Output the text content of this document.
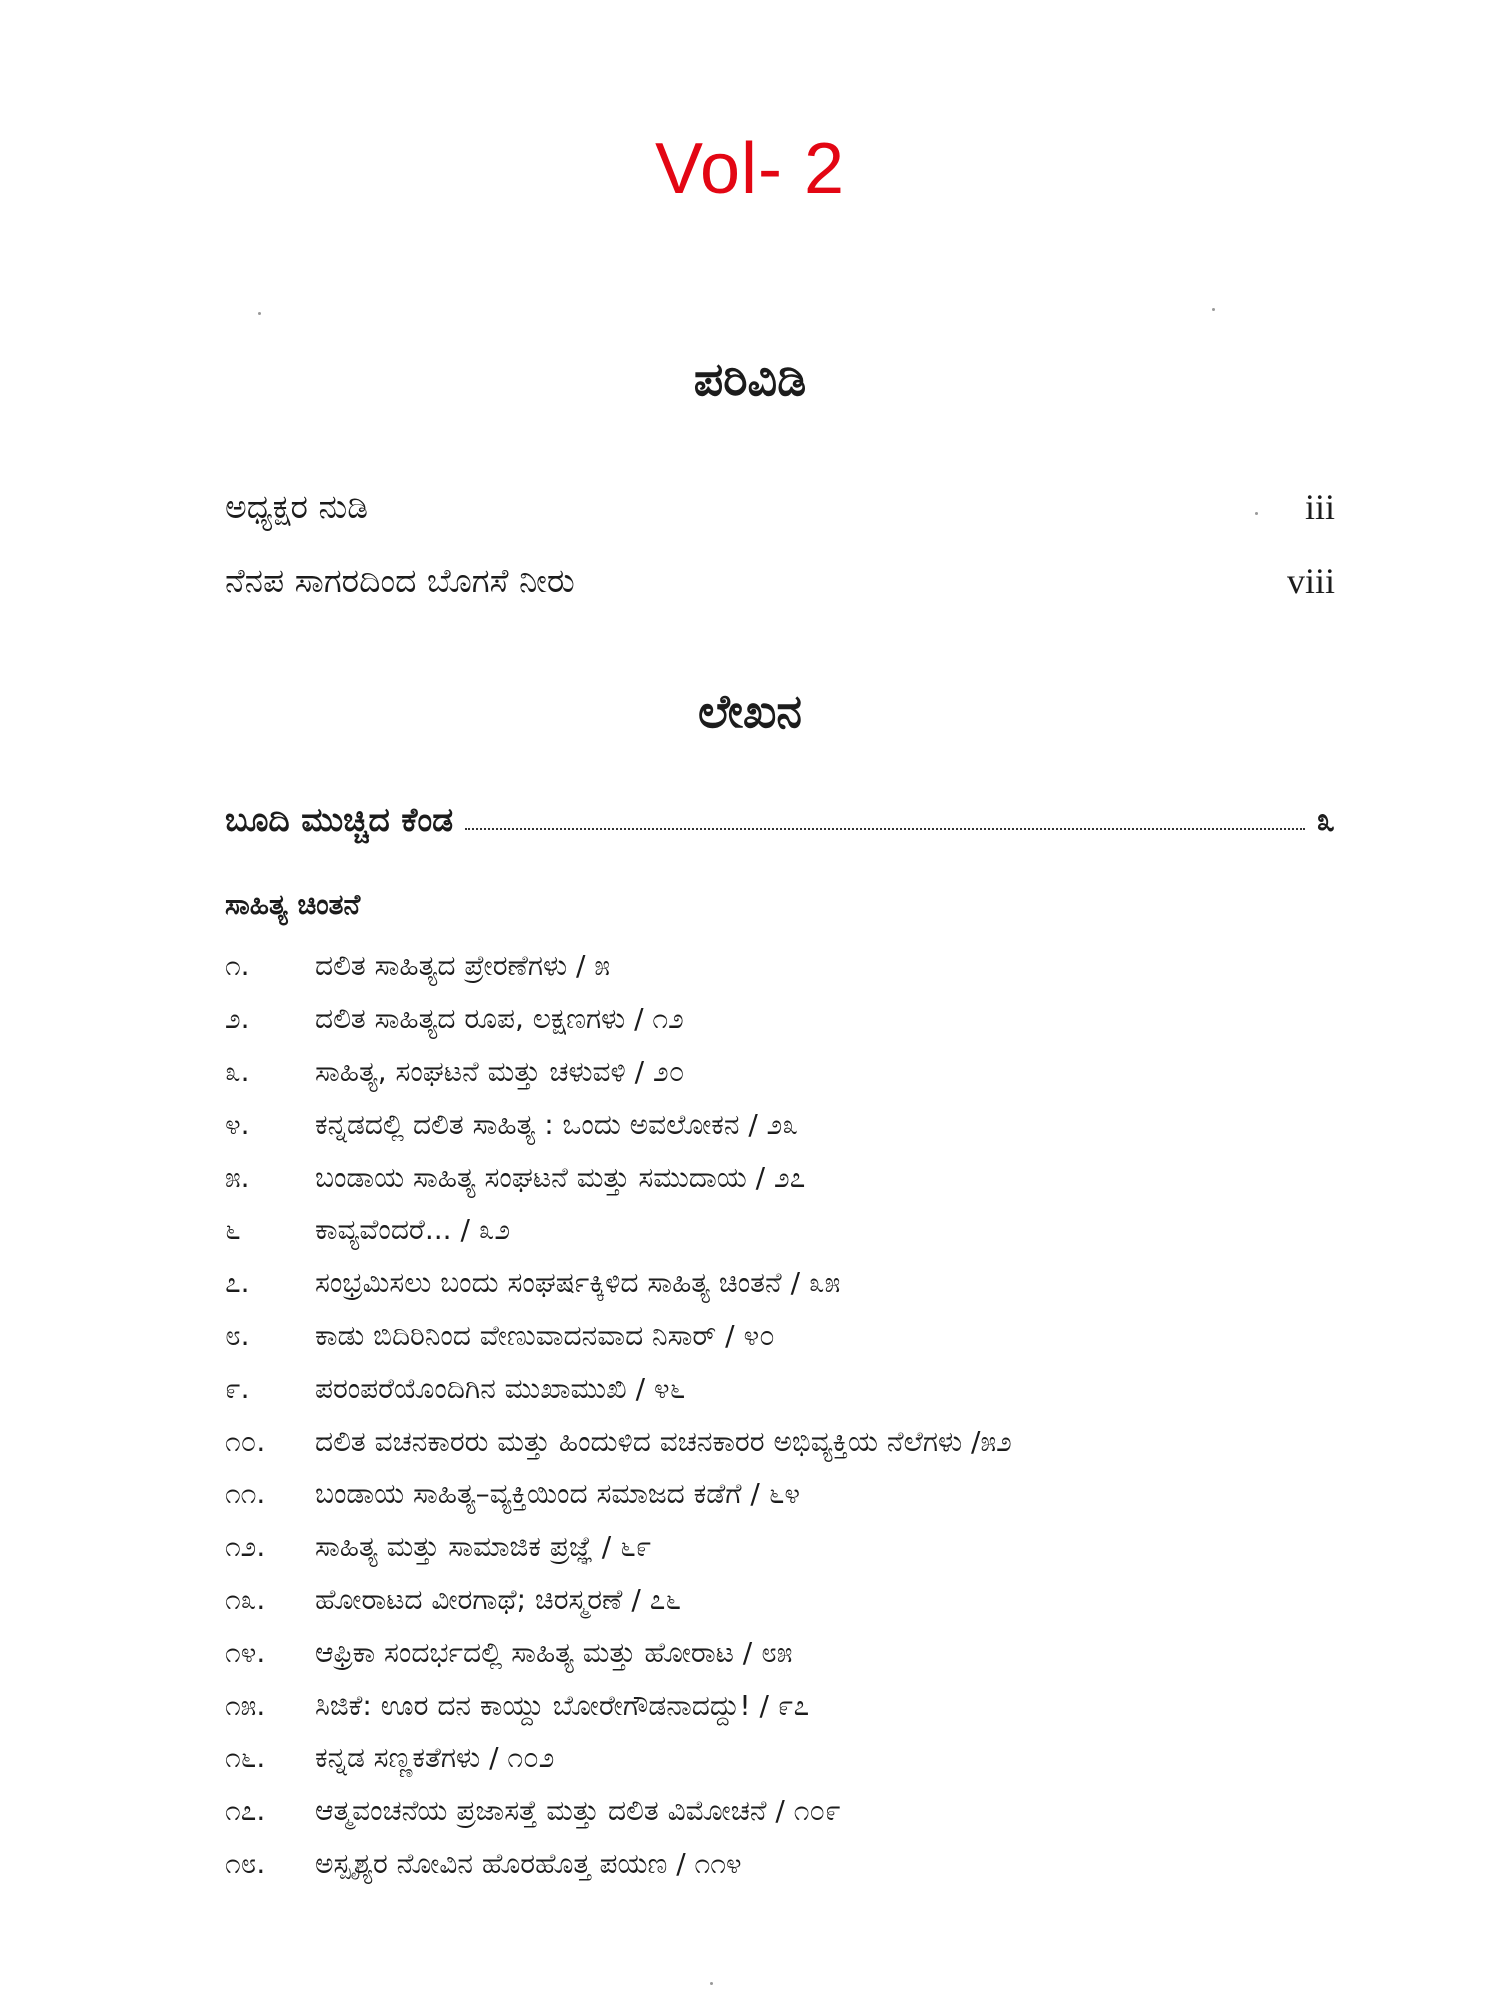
Vol- 2
ಪರಿವಿಡಿ
ಅಧ್ಯಕ್ಷರ ನುಡಿ	iii
ನೆನಪ ಸಾಗರದಿಂದ ಬೊಗಸೆ ನೀರು	viii
ಲೇಖನ
ಬೂದಿ ಮುಚ್ಚಿದ ಕೆಂಡ	೩
ಸಾಹಿತ್ಯ ಚಿಂತನೆ
೧.	ದಲಿತ ಸಾಹಿತ್ಯದ ಪ್ರೇರಣೆಗಳು / ೫
೨.	ದಲಿತ ಸಾಹಿತ್ಯದ ರೂಪ, ಲಕ್ಷಣಗಳು / ೧೨
೩.	ಸಾಹಿತ್ಯ, ಸಂಘಟನೆ ಮತ್ತು ಚಳುವಳಿ / ೨೦
೪.	ಕನ್ನಡದಲ್ಲಿ ದಲಿತ ಸಾಹಿತ್ಯ : ಒಂದು ಅವಲೋಕನ / ೨೩
೫.	ಬಂಡಾಯ ಸಾಹಿತ್ಯ ಸಂಘಟನೆ ಮತ್ತು ಸಮುದಾಯ / ೨೭
೬	ಕಾವ್ಯವೆಂದರೆ... / ೩೨
೭.	ಸಂಭ್ರಮಿಸಲು ಬಂದು ಸಂಘರ್ಷಕ್ಕಿಳಿದ ಸಾಹಿತ್ಯ ಚಿಂತನೆ / ೩೫
೮.	ಕಾಡು ಬಿದಿರಿನಿಂದ ವೇಣುವಾದನವಾದ ನಿಸಾರ್ / ೪೦
೯.	ಪರಂಪರೆಯೊಂದಿಗಿನ ಮುಖಾಮುಖಿ / ೪೬
೧೦.	ದಲಿತ ವಚನಕಾರರು ಮತ್ತು ಹಿಂದುಳಿದ ವಚನಕಾರರ ಅಭಿವ್ಯಕ್ತಿಯ ನೆಲೆಗಳು /೫೨
೧೧.	ಬಂಡಾಯ ಸಾಹಿತ್ಯ–ವ್ಯಕ್ತಿಯಿಂದ ಸಮಾಜದ ಕಡೆಗೆ / ೬೪
೧೨.	ಸಾಹಿತ್ಯ ಮತ್ತು ಸಾಮಾಜಿಕ ಪ್ರಜ್ಞೆ / ೬೯
೧೩.	ಹೋರಾಟದ ವೀರಗಾಥೆ; ಚಿರಸ್ಮರಣೆ / ೭೬
೧೪.	ಆಫ್ರಿಕಾ ಸಂದರ್ಭದಲ್ಲಿ ಸಾಹಿತ್ಯ ಮತ್ತು ಹೋರಾಟ / ೮೫
೧೫.	ಸಿಜಿಕೆ: ಊರ ದನ ಕಾಯ್ದು ಬೋರೇಗೌಡನಾದದ್ದು! / ೯೭
೧೬.	ಕನ್ನಡ ಸಣ್ಣಕತೆಗಳು / ೧೦೨
೧೭.	ಆತ್ಮವಂಚನೆಯ ಪ್ರಜಾಸತ್ತೆ ಮತ್ತು ದಲಿತ ವಿಮೋಚನೆ / ೧೦೯
೧೮.	ಅಸ್ಪೃಶ್ಯರ ನೋವಿನ ಹೊರಹೊತ್ತ ಪಯಣ / ೧೧೪
